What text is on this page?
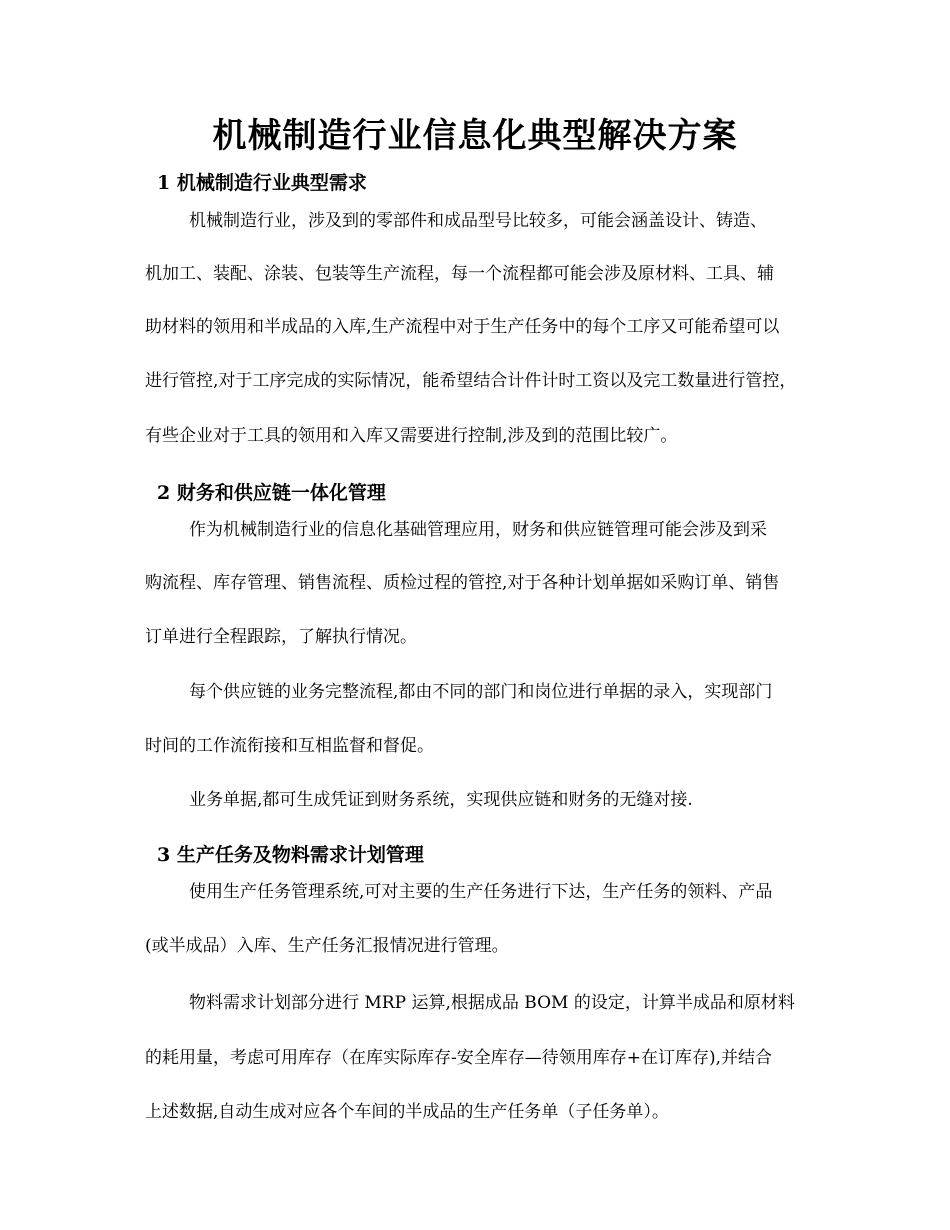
机械制造行业信息化典型解决方案
1 机械制造行业典型需求
机械制造行业，涉及到的零部件和成品型号比较多，可能会涵盖设计、铸造、
机加工、装配、涂装、包装等生产流程，每一个流程都可能会涉及原材料、工具、辅
助材料的领用和半成品的入库,生产流程中对于生产任务中的每个工序又可能希望可以
进行管控,对于工序完成的实际情况，能希望结合计件计时工资以及完工数量进行管控，
有些企业对于工具的领用和入库又需要进行控制,涉及到的范围比较广。
2 财务和供应链一体化管理
作为机械制造行业的信息化基础管理应用，财务和供应链管理可能会涉及到采
购流程、库存管理、销售流程、质检过程的管控,对于各种计划单据如采购订单、销售
订单进行全程跟踪，了解执行情况。
每个供应链的业务完整流程,都由不同的部门和岗位进行单据的录入，实现部门
时间的工作流衔接和互相监督和督促。
业务单据,都可生成凭证到财务系统，实现供应链和财务的无缝对接.
3 生产任务及物料需求计划管理
使用生产任务管理系统,可对主要的生产任务进行下达，生产任务的领料、产品
(或半成品）入库、生产任务汇报情况进行管理。
物料需求计划部分进行 MRP 运算,根据成品 BOM 的设定，计算半成品和原材料
的耗用量，考虑可用库存（在库实际库存-安全库存—待领用库存+在订库存),并结合
上述数据,自动生成对应各个车间的半成品的生产任务单（子任务单）。
